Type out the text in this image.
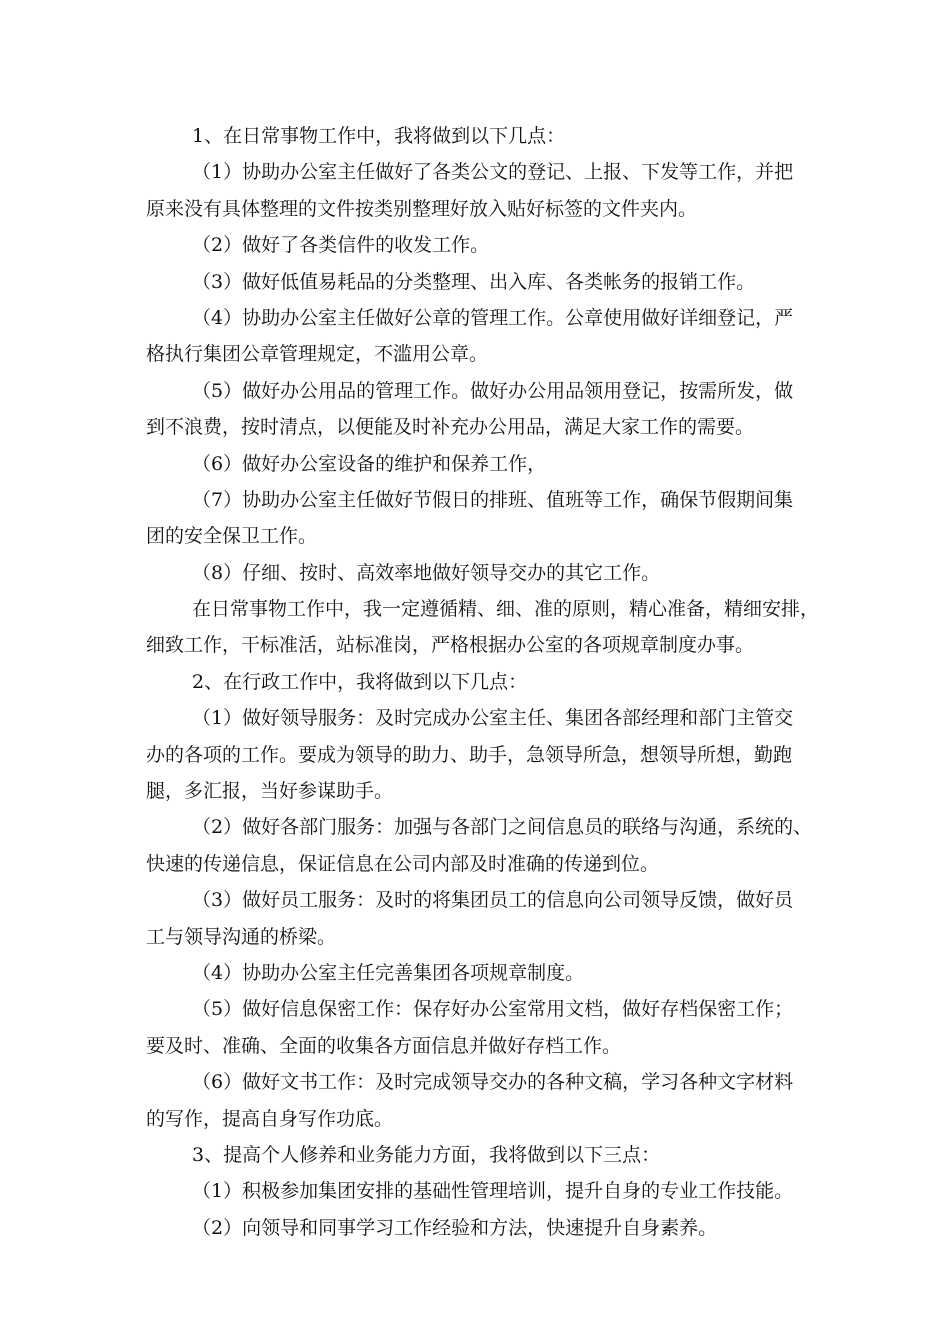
1、在日常事物工作中，我将做到以下几点：
（1）协助办公室主任做好了各类公文的登记、上报、下发等工作，并把
原来没有具体整理的文件按类别整理好放入贴好标签的文件夹内。
（2）做好了各类信件的收发工作。
（3）做好低值易耗品的分类整理、出入库、各类帐务的报销工作。
（4）协助办公室主任做好公章的管理工作。公章使用做好详细登记，严
格执行集团公章管理规定，不滥用公章。
（5）做好办公用品的管理工作。做好办公用品领用登记，按需所发，做
到不浪费，按时清点，以便能及时补充办公用品，满足大家工作的需要。
（6）做好办公室设备的维护和保养工作，
（7）协助办公室主任做好节假日的排班、值班等工作，确保节假期间集
团的安全保卫工作。
（8）仔细、按时、高效率地做好领导交办的其它工作。
在日常事物工作中，我一定遵循精、细、准的原则，精心准备，精细安排，
细致工作，干标准活，站标准岗，严格根据办公室的各项规章制度办事。
2、在行政工作中，我将做到以下几点：
（1）做好领导服务：及时完成办公室主任、集团各部经理和部门主管交
办的各项的工作。要成为领导的助力、助手，急领导所急，想领导所想，勤跑
腿，多汇报，当好参谋助手。
（2）做好各部门服务：加强与各部门之间信息员的联络与沟通，系统的、
快速的传递信息，保证信息在公司内部及时准确的传递到位。
（3）做好员工服务：及时的将集团员工的信息向公司领导反馈，做好员
工与领导沟通的桥梁。
（4）协助办公室主任完善集团各项规章制度。
（5）做好信息保密工作：保存好办公室常用文档，做好存档保密工作；
要及时、准确、全面的收集各方面信息并做好存档工作。
（6）做好文书工作：及时完成领导交办的各种文稿，学习各种文字材料
的写作，提高自身写作功底。
3、提高个人修养和业务能力方面，我将做到以下三点：
（1）积极参加集团安排的基础性管理培训，提升自身的专业工作技能。
（2）向领导和同事学习工作经验和方法，快速提升自身素养。
